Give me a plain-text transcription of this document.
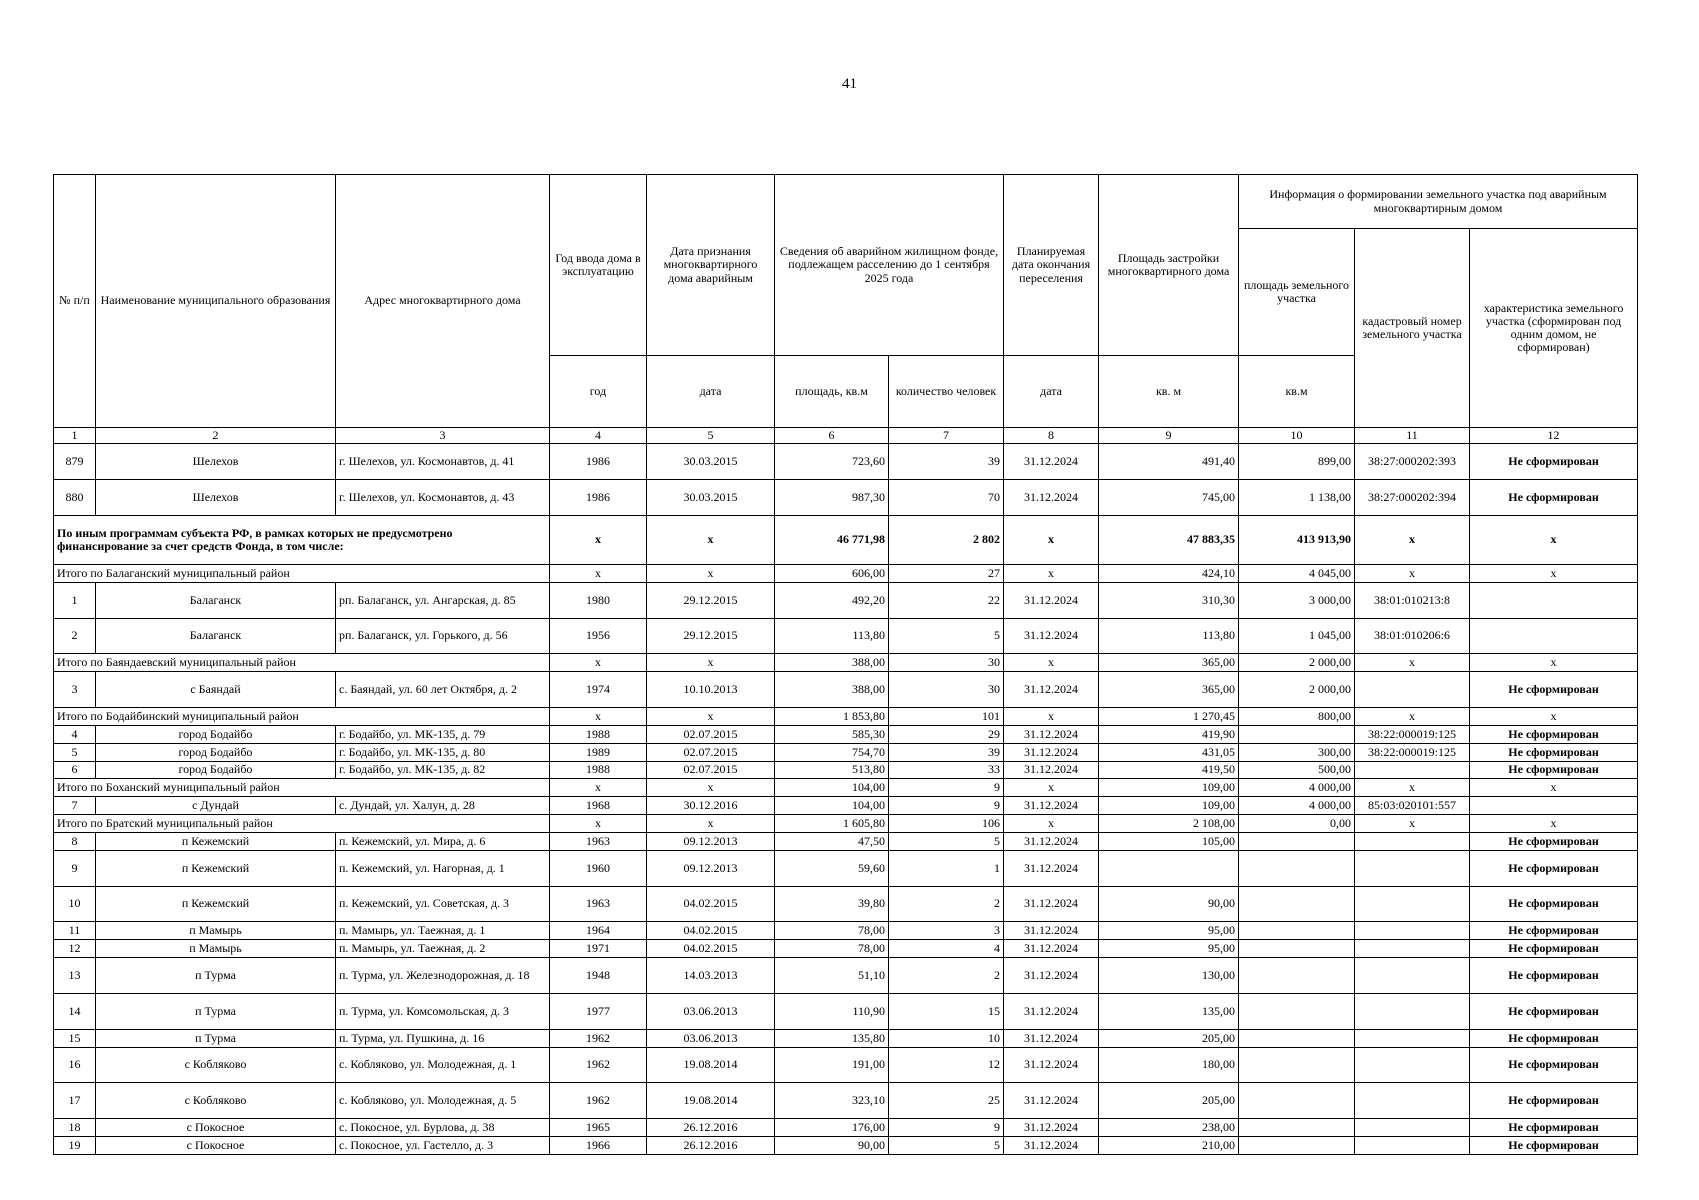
41
№ п/п	Наименование муниципального образования	Адрес многоквартирного дома	Год ввода дома в эксплуатацию	Дата признания многоквартирного дома аварийным	Сведения об аварийном жилищном фонде, подлежащем расселению до 1 сентября 2025 года		Планируемая дата окончания переселения	Площадь застройки многоквартирного дома	Информация о формировании земельного участка под аварийным многоквартирным домом		
									площадь земельного участка	кадастровый номер земельного участка	характеристика земельного участка (сформирован под одним домом, не сформирован)
			год	дата	площадь, кв.м	количество человек	дата	кв. м	кв.м		
1	2	3	4	5	6	7	8	9	10	11	12
879	Шелехов	г. Шелехов, ул. Космонавтов, д. 41	1986	30.03.2015	723,60	39	31.12.2024	491,40	899,00	38:27:000202:393	Не сформирован
880	Шелехов	г. Шелехов, ул. Космонавтов, д. 43	1986	30.03.2015	987,30	70	31.12.2024	745,00	1 138,00	38:27:000202:394	Не сформирован
По иным программам субъекта РФ, в рамках которых не предусмотрено финансирование за счет средств Фонда, в том числе:			х	х	46 771,98	2 802	х	47 883,35	413 913,90	х	х
Итого по Балаганский муниципальный район			х	х	606,00	27	х	424,10	4 045,00	х	х
1	Балаганск	рп. Балаганск, ул. Ангарская, д. 85	1980	29.12.2015	492,20	22	31.12.2024	310,30	3 000,00	38:01:010213:8	
2	Балаганск	рп. Балаганск, ул. Горького, д. 56	1956	29.12.2015	113,80	5	31.12.2024	113,80	1 045,00	38:01:010206:6	
Итого по Баяндаевский муниципальный район			х	х	388,00	30	х	365,00	2 000,00	х	х
3	с Баяндай	с. Баяндай, ул. 60 лет Октября, д. 2	1974	10.10.2013	388,00	30	31.12.2024	365,00	2 000,00		Не сформирован
Итого по Бодайбинский муниципальный район			х	х	1 853,80	101	х	1 270,45	800,00	х	х
4	город Бодайбо	г. Бодайбо, ул. МК-135, д. 79	1988	02.07.2015	585,30	29	31.12.2024	419,90		38:22:000019:125	Не сформирован
5	город Бодайбо	г. Бодайбо, ул. МК-135, д. 80	1989	02.07.2015	754,70	39	31.12.2024	431,05	300,00	38:22:000019:125	Не сформирован
6	город Бодайбо	г. Бодайбо, ул. МК-135, д. 82	1988	02.07.2015	513,80	33	31.12.2024	419,50	500,00		Не сформирован
Итого по Боханский муниципальный район			х	х	104,00	9	х	109,00	4 000,00	х	х
7	с Дундай	с. Дундай, ул. Халун, д. 28	1968	30.12.2016	104,00	9	31.12.2024	109,00	4 000,00	85:03:020101:557	
Итого по Братский муниципальный район			х	х	1 605,80	106	х	2 108,00	0,00	х	х
8	п Кежемский	п. Кежемский, ул. Мира, д. 6	1963	09.12.2013	47,50	5	31.12.2024	105,00			Не сформирован
9	п Кежемский	п. Кежемский, ул. Нагорная, д. 1	1960	09.12.2013	59,60	1	31.12.2024				Не сформирован
10	п Кежемский	п. Кежемский, ул. Советская, д. 3	1963	04.02.2015	39,80	2	31.12.2024	90,00			Не сформирован
11	п Мамырь	п. Мамырь, ул. Таежная, д. 1	1964	04.02.2015	78,00	3	31.12.2024	95,00			Не сформирован
12	п Мамырь	п. Мамырь, ул. Таежная, д. 2	1971	04.02.2015	78,00	4	31.12.2024	95,00			Не сформирован
13	п Турма	п. Турма, ул. Железнодорожная, д. 18	1948	14.03.2013	51,10	2	31.12.2024	130,00			Не сформирован
14	п Турма	п. Турма, ул. Комсомольская, д. 3	1977	03.06.2013	110,90	15	31.12.2024	135,00			Не сформирован
15	п Турма	п. Турма, ул. Пушкина, д. 16	1962	03.06.2013	135,80	10	31.12.2024	205,00			Не сформирован
16	с Кобляково	с. Кобляково, ул. Молодежная, д. 1	1962	19.08.2014	191,00	12	31.12.2024	180,00			Не сформирован
17	с Кобляково	с. Кобляково, ул. Молодежная, д. 5	1962	19.08.2014	323,10	25	31.12.2024	205,00			Не сформирован
18	с Покосное	с. Покосное, ул. Бурлова, д. 38	1965	26.12.2016	176,00	9	31.12.2024	238,00			Не сформирован
19	с Покосное	с. Покосное, ул. Гастелло, д. 3	1966	26.12.2016	90,00	5	31.12.2024	210,00			Не сформирован
